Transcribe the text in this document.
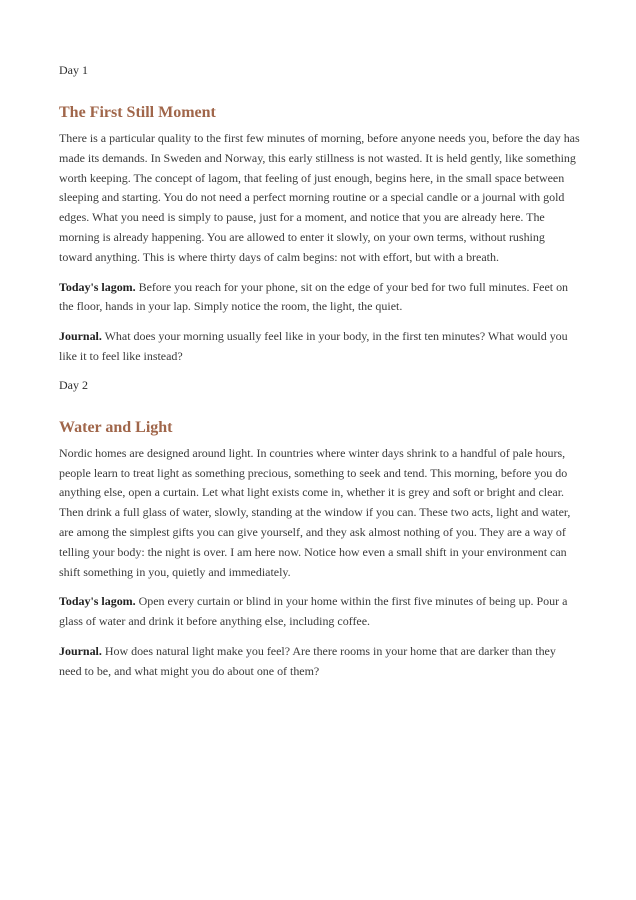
Day 1

The First Still Moment

There is a particular quality to the first few minutes of morning, before anyone needs you, before the day has made its demands. In Sweden and Norway, this early stillness is not wasted. It is held gently, like something worth keeping. The concept of lagom, that feeling of just enough, begins here, in the small space between sleeping and starting. You do not need a perfect morning routine or a special candle or a journal with gold edges. What you need is simply to pause, just for a moment, and notice that you are already here. The morning is already happening. You are allowed to enter it slowly, on your own terms, without rushing toward anything. This is where thirty days of calm begins: not with effort, but with a breath.

Today's lagom. Before you reach for your phone, sit on the edge of your bed for two full minutes. Feet on the floor, hands in your lap. Simply notice the room, the light, the quiet.

Journal. What does your morning usually feel like in your body, in the first ten minutes? What would you like it to feel like instead?

Day 2

Water and Light

Nordic homes are designed around light. In countries where winter days shrink to a handful of pale hours, people learn to treat light as something precious, something to seek and tend. This morning, before you do anything else, open a curtain. Let what light exists come in, whether it is grey and soft or bright and clear. Then drink a full glass of water, slowly, standing at the window if you can. These two acts, light and water, are among the simplest gifts you can give yourself, and they ask almost nothing of you. They are a way of telling your body: the night is over. I am here now. Notice how even a small shift in your environment can shift something in you, quietly and immediately.

Today's lagom. Open every curtain or blind in your home within the first five minutes of being up. Pour a glass of water and drink it before anything else, including coffee.

Journal. How does natural light make you feel? Are there rooms in your home that are darker than they need to be, and what might you do about one of them?
